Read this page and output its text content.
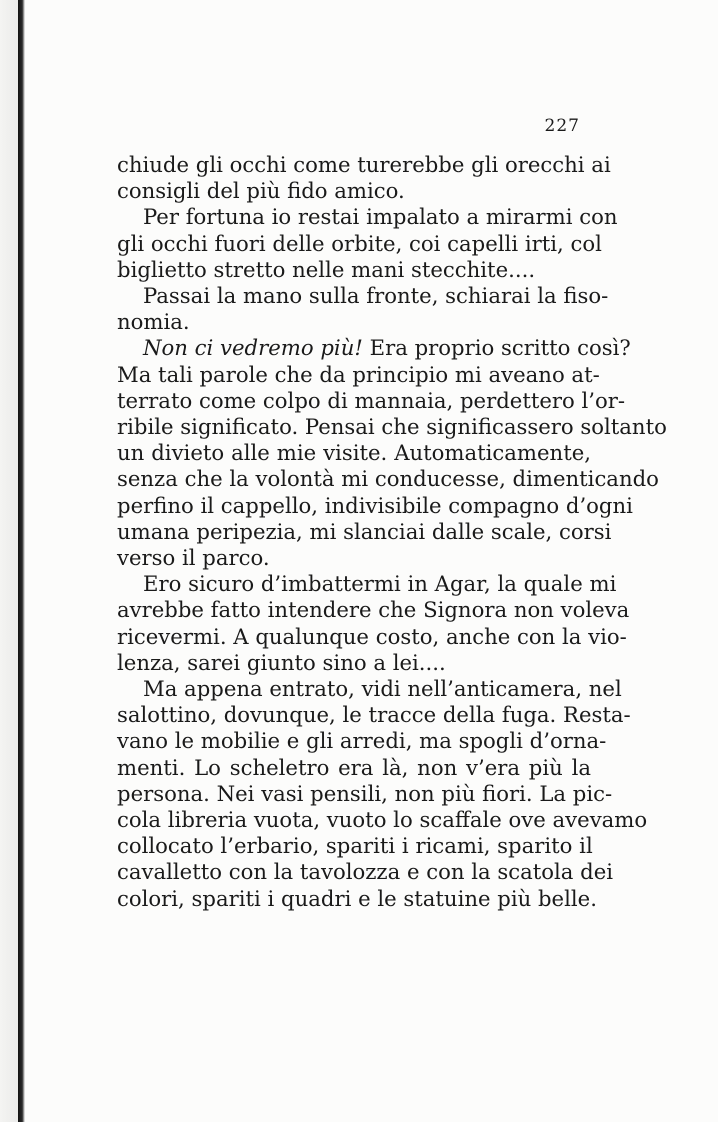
227
chiude gli occhi come turerebbe gli orecchi ai
consigli del più fido amico.
Per fortuna io restai impalato a mirarmi con
gli occhi fuori delle orbite, coi capelli irti, col
biglietto stretto nelle mani stecchite....
Passai la mano sulla fronte, schiarai la fiso-
nomia.
Non ci vedremo più! Era proprio scritto così?
Ma tali parole che da principio mi aveano at-
terrato come colpo di mannaia, perdettero l’or-
ribile significato. Pensai che significassero soltanto
un divieto alle mie visite. Automaticamente,
senza che la volontà mi conducesse, dimenticando
perfino il cappello, indivisibile compagno d’ogni
umana peripezia, mi slanciai dalle scale, corsi
verso il parco.
Ero sicuro d’imbattermi in Agar, la quale mi
avrebbe fatto intendere che Signora non voleva
ricevermi. A qualunque costo, anche con la vio-
lenza, sarei giunto sino a lei....
Ma appena entrato, vidi nell’anticamera, nel
salottino, dovunque, le tracce della fuga. Resta-
vano le mobilie e gli arredi, ma spogli d’orna-
menti. Lo scheletro era là, non v’era più la
persona. Nei vasi pensili, non più fiori. La pic-
cola libreria vuota, vuoto lo scaffale ove avevamo
collocato l’erbario, spariti i ricami, sparito il
cavalletto con la tavolozza e con la scatola dei
colori, spariti i quadri e le statuine più belle.
